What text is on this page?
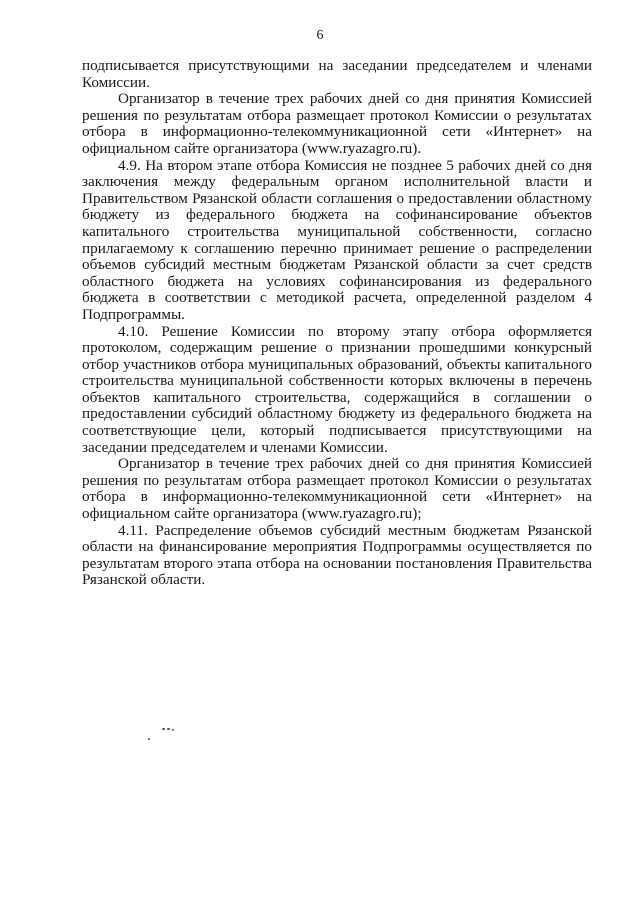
6

подписывается присутствующими на заседании председателем и членами Комиссии.

Организатор в течение трех рабочих дней со дня принятия Комиссией решения по результатам отбора размещает протокол Комиссии о результатах отбора в информационно-телекоммуникационной сети «Интернет» на официальном сайте организатора (www.ryazagro.ru).

4.9. На втором этапе отбора Комиссия не позднее 5 рабочих дней со дня заключения между федеральным органом исполнительной власти и Правительством Рязанской области соглашения о предоставлении областному бюджету из федерального бюджета на софинансирование объектов капитального строительства муниципальной собственности, согласно прилагаемому к соглашению перечню принимает решение о распределении объемов субсидий местным бюджетам Рязанской области за счет средств областного бюджета на условиях софинансирования из федерального бюджета в соответствии с методикой расчета, определенной разделом 4 Подпрограммы.

4.10. Решение Комиссии по второму этапу отбора оформляется протоколом, содержащим решение о признании прошедшими конкурсный отбор участников отбора муниципальных образований, объекты капитального строительства муниципальной собственности которых включены в перечень объектов капитального строительства, содержащийся в соглашении о предоставлении субсидий областному бюджету из федерального бюджета на соответствующие цели, который подписывается присутствующими на заседании председателем и членами Комиссии.

Организатор в течение трех рабочих дней со дня принятия Комиссией решения по результатам отбора размещает протокол Комиссии о результатах отбора в информационно-телекоммуникационной сети «Интернет» на официальном сайте организатора (www.ryazagro.ru);

4.11. Распределение объемов субсидий местным бюджетам Рязанской области на финансирование мероприятия Подпрограммы осуществляется по результатам второго этапа отбора на основании постановления Правительства Рязанской области.
